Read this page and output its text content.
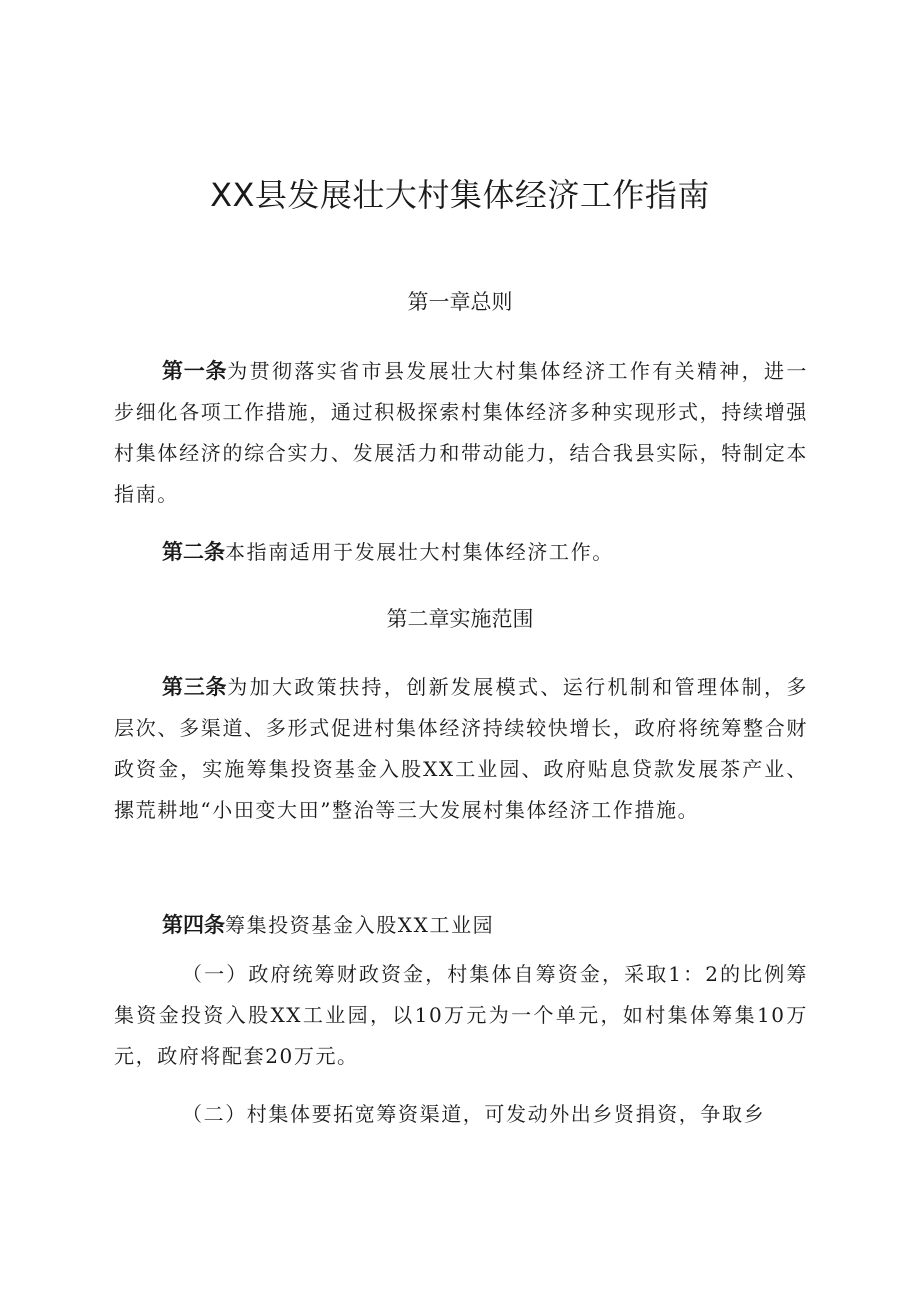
XX县发展壮大村集体经济工作指南
第一章总则

第一条为贯彻落实省市县发展壮大村集体经济工作有关精神，进一步细化各项工作措施，通过积极探索村集体经济多种实现形式，持续增强村集体经济的综合实力、发展活力和带动能力，结合我县实际，特制定本指南。

第二条本指南适用于发展壮大村集体经济工作。

第二章实施范围

第三条为加大政策扶持，创新发展模式、运行机制和管理体制，多层次、多渠道、多形式促进村集体经济持续较快增长，政府将统筹整合财政资金，实施筹集投资基金入股XX工业园、政府贴息贷款发展茶产业、摞荒耕地“小田变大田”整治等三大发展村集体经济工作措施。

第四条筹集投资基金入股XX工业园

（一）政府统筹财政资金，村集体自筹资金，采取1：2的比例筹集资金投资入股XX工业园，以10万元为一个单元，如村集体筹集10万元，政府将配套20万元。

（二）村集体要拓宽筹资渠道，可发动外出乡贤捐资，争取乡
